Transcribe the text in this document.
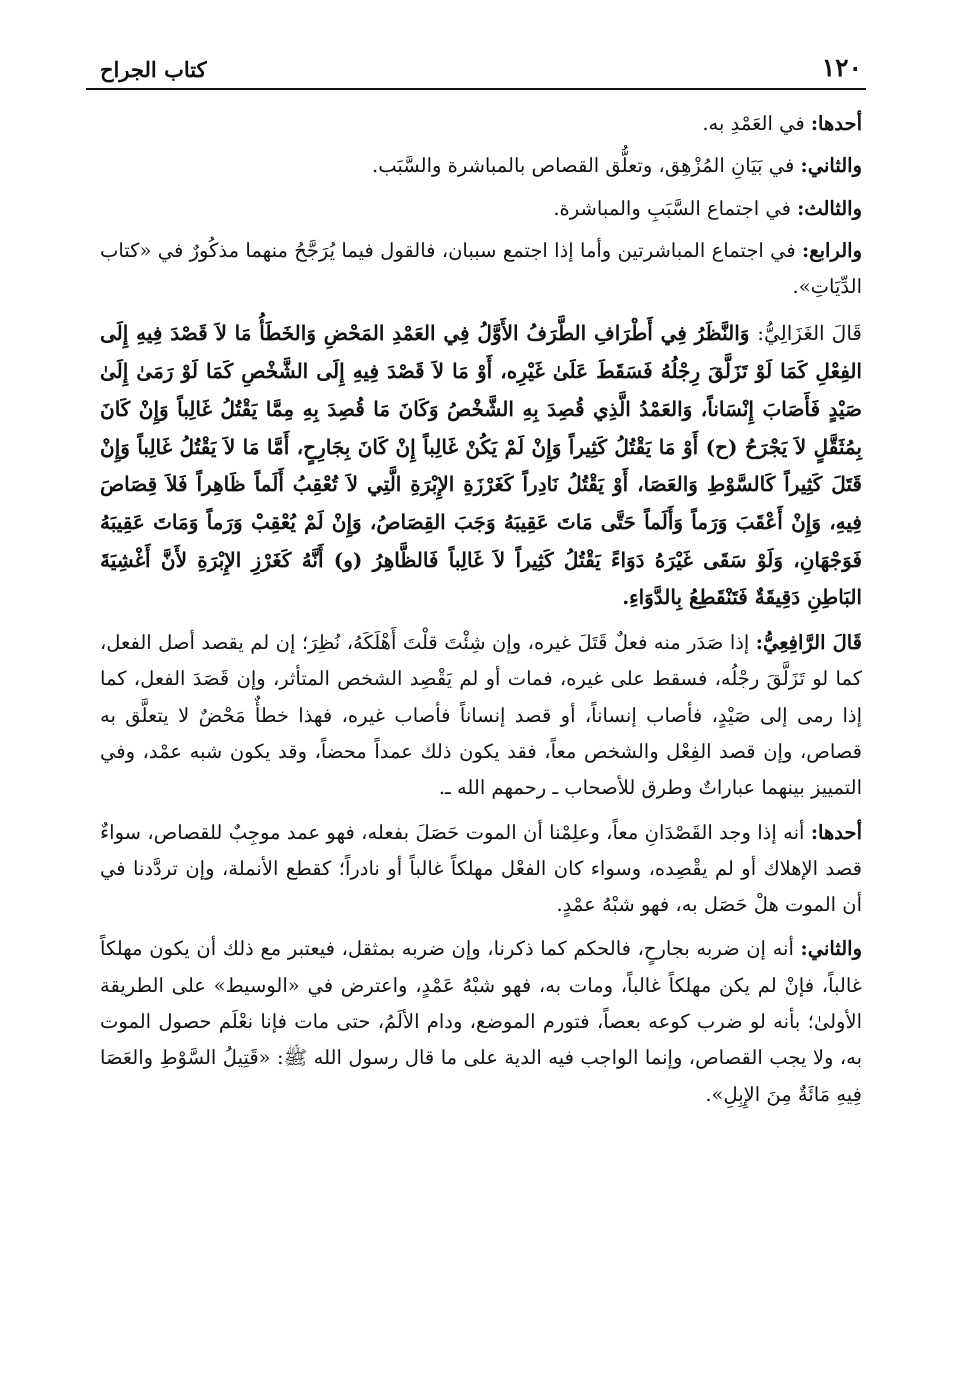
١٢٠
كتاب الجراح

أحدها: في العَمْدِ به.

والثاني: في بَيَانِ المُزْهِق، وتعلُّق القصاص بالمباشرة والسَّبَب.

والثالث: في اجتماع السَّبَبِ والمباشرة.

والرابع: في اجتماع المباشرتين وأما إذا اجتمع سببان، فالقول فيما يُرَجَّحُ منهما مذكُورٌ في «كتاب الدِّيَاتِ».

قَالَ الغَزَالِيُّ: وَالنَّظَرُ فِي أَطْرَافِ الطَّرَفُ الأَوَّلُ فِي العَمْدِ المَحْضِ وَالخَطَأُ مَا لاَ قَصْدَ فِيهِ إِلَى الفِعْلِ كَمَا لَوْ تَزَلَّقَ رِجْلُهُ فَسَقَطَ عَلَىٰ غَيْرِه، أَوْ مَا لاَ قَصْدَ فِيهِ إِلَى الشَّخْصِ كَمَا لَوْ رَمَىٰ إِلَىٰ صَيْدٍ فَأَصَابَ إِنْسَاناً، وَالعَمْدُ الَّذِي قُصِدَ بِهِ الشَّخْصُ وَكَانَ مَا قُصِدَ بِهِ مِمَّا يَقْتُلُ غَالِباً وَإِنْ كَانَ بِمُثَقَّلٍ لاَ يَجْرَحُ (ح) أَوْ مَا يَقْتُلُ كَثِيراً وَإِنْ لَمْ يَكُنْ غَالِباً إِنْ كَانَ بِجَارِحٍ، أَمَّا مَا لاَ يَقْتُلُ غَالِباً وَإِنْ قَتَلَ كَثِيراً كَالسَّوْطِ وَالعَصَا، أَوْ يَقْتُلُ نَادِراً كَغَرْزَةِ الإِبْرَةِ الَّتِي لاَ تُعْقِبُ أَلَماً ظَاهِراً فَلاَ قِصَاصَ فِيهِ، وَإِنْ أَعْقَبَ وَرَماً وَأَلَماً حَتَّى مَاتَ عَقِيبَهُ وَجَبَ القِصَاصُ، وَإِنْ لَمْ يُعْقِبْ وَرَماً وَمَاتَ عَقِيبَهُ فَوَجْهَانِ، وَلَوْ سَقَى غَيْرَهُ دَوَاءً يَقْتُلُ كَثِيراً لاَ غَالِباً فَالظَّاهِرُ (و) أَنَّهُ كَغَرْزِ الإِبْرَةِ لأَنَّ أَغْشِيَةَ البَاطِنِ دَقِيقَةٌ فَتَنْقَطِعُ بِالدَّوَاءِ.

قَالَ الرَّافِعِيُّ: إذا صَدَر منه فعلٌ قَتَلَ غيره، وإن شِئْتَ قلْتَ أَهْلَكَهُ، نُظِرَ؛ إن لم يقصد أصل الفعل، كما لو تَزَلَّقَ رجْلُه، فسقط على غيره، فمات أو لم يَقْصِد الشخص المتأثر، وإن قَصَدَ الفعل، كما إذا رمى إلى صَيْدٍ، فأصاب إنساناً، أو قصد إنساناً فأصاب غيره، فهذا خطأٌ مَحْضٌ لا يتعلَّق به قصاص، وإن قصد الفِعْل والشخص معاً، فقد يكون ذلك عمداً محضاً، وقد يكون شبه عمْد، وفي التمييز بينهما عباراتٌ وطرق للأصحاب ـ رحمهم الله ـ.

أحدها: أنه إذا وجد القَصْدَانِ معاً، وعلِمْنا أن الموت حَصَلَ بفعله، فهو عمد موجِبٌ للقصاص، سواءٌ قصد الإهلاك أو لم يقْصِده، وسواء كان الفعْل مهلكاً غالباً أو نادراً؛ كقطع الأنملة، وإن تردَّدنا في أن الموت هلْ حَصَل به، فهو شبْهُ عمْدٍ.

والثاني: أنه إن ضربه بجارحٍ، فالحكم كما ذكرنا، وإن ضربه بمثقل، فيعتبر مع ذلك أن يكون مهلكاً غالباً، فإنْ لم يكن مهلكاً غالباً، ومات به، فهو شبْهُ عَمْدٍ، واعترض في «الوسيط» على الطريقة الأولىٰ؛ بأنه لو ضرب كوعه بعصاً، فتورم الموضع، ودام الألَمُ، حتى مات فإنا نعْلَم حصول الموت به، ولا يجب القصاص، وإنما الواجب فيه الدية على ما قال رسول الله ﷺ: «قَتِيلُ السَّوْطِ والعَصَا فِيهِ مَائَةٌ مِنَ الإِبِلِ».
